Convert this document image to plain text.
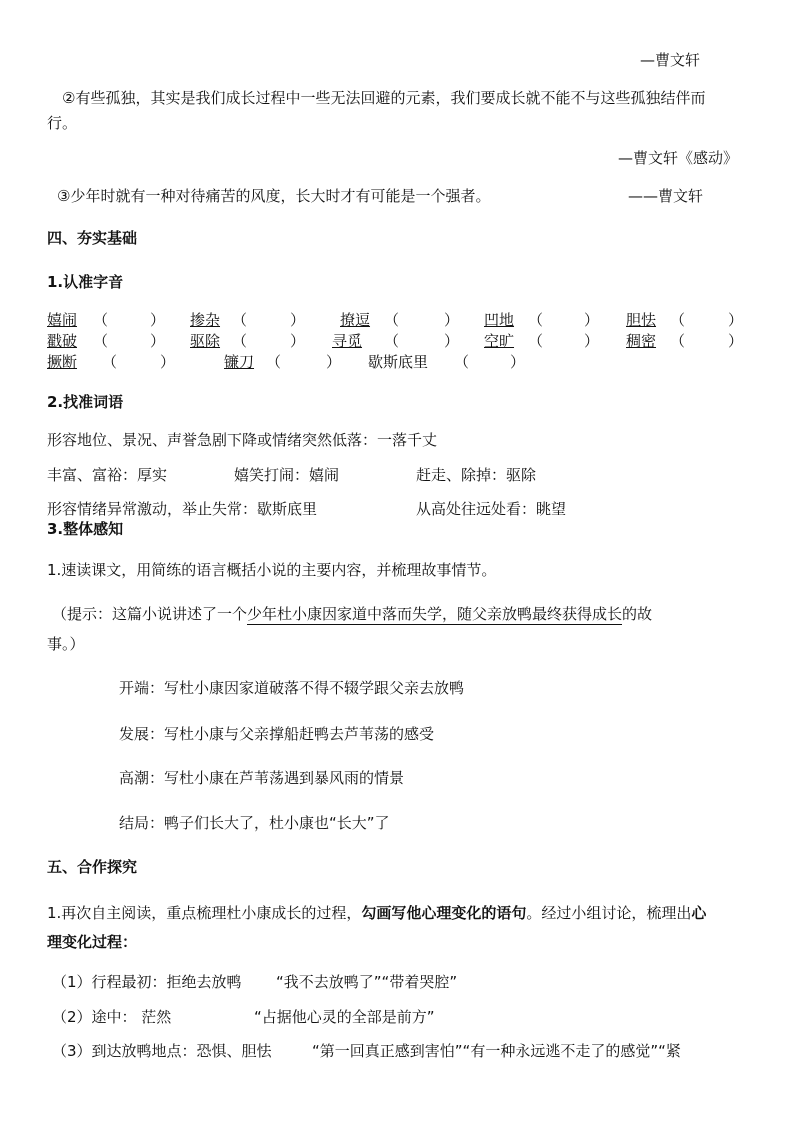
—曹文轩
②有些孤独，其实是我们成长过程中一些无法回避的元素，我们要成长就不能不与这些孤独结伴而
行。
—曹文轩《感动》
③少年时就有一种对待痛苦的风度，长大时才有可能是一个强者。	——曹文轩
四、夯实基础
1.认准字音
嬉闹 （	） 掺杂 （	） 撩逗 （	） 凹地 （	） 胆怯 （	）
戳破 （	） 驱除 （	） 寻觅 （	） 空旷 （	） 稠密 （	）
撅断 （	）	镰刀 （	） 歇斯底里 （	）
2.找准词语
形容地位、景况、声誉急剧下降或情绪突然低落：一落千丈
丰富、富裕：厚实	嬉笑打闹：嬉闹	赶走、除掉：驱除
形容情绪异常激动，举止失常：歇斯底里	从高处往远处看：眺望
3.整体感知
1.速读课文，用简练的语言概括小说的主要内容，并梳理故事情节。
（提示：这篇小说讲述了一个少年杜小康因家道中落而失学，随父亲放鸭最终获得成长的故
事。）
开端：写杜小康因家道破落不得不辍学跟父亲去放鸭
发展：写杜小康与父亲撑船赶鸭去芦苇荡的感受
高潮：写杜小康在芦苇荡遇到暴风雨的情景
结局：鸭子们长大了，杜小康也“长大”了
五、合作探究
1.再次自主阅读，重点梳理杜小康成长的过程，勾画写他心理变化的语句。经过小组讨论，梳理出心
理变化过程：
（1）行程最初：拒绝去放鸭 “我不去放鸭了”“带着哭腔”
（2）途中： 茫然	“占据他心灵的全部是前方”
（3）到达放鸭地点：恐惧、胆怯	“第一回真正感到害怕”“有一种永远逃不走了的感觉”“紧
